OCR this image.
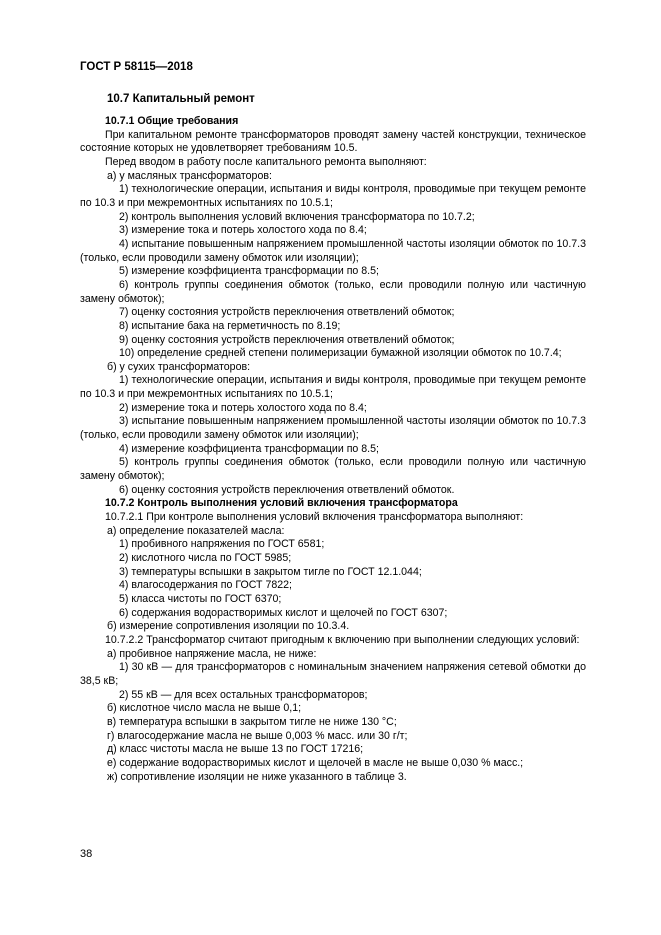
ГОСТ Р 58115—2018
10.7 Капитальный ремонт

10.7.1 Общие требования

При капитальном ремонте трансформаторов проводят замену частей конструкции, техническое состояние которых не удовлетворяет требованиям 10.5.

Перед вводом в работу после капитального ремонта выполняют:

а) у масляных трансформаторов:

1) технологические операции, испытания и виды контроля, проводимые при текущем ремонте по 10.3 и при межремонтных испытаниях по 10.5.1;

2) контроль выполнения условий включения трансформатора по 10.7.2;

3) измерение тока и потерь холостого хода по 8.4;

4) испытание повышенным напряжением промышленной частоты изоляции обмоток по 10.7.3 (только, если проводили замену обмоток или изоляции);

5) измерение коэффициента трансформации по 8.5;

6) контроль группы соединения обмоток (только, если проводили полную или частичную замену обмоток);

7) оценку состояния устройств переключения ответвлений обмоток;

8) испытание бака на герметичность по 8.19;

9) оценку состояния устройств переключения ответвлений обмоток;

10) определение средней степени полимеризации бумажной изоляции обмоток по 10.7.4;

б) у сухих трансформаторов:

1) технологические операции, испытания и виды контроля, проводимые при текущем ремонте по 10.3 и при межремонтных испытаниях по 10.5.1;

2) измерение тока и потерь холостого хода по 8.4;

3) испытание повышенным напряжением промышленной частоты изоляции обмоток по 10.7.3 (только, если проводили замену обмоток или изоляции);

4) измерение коэффициента трансформации по 8.5;

5) контроль группы соединения обмоток (только, если проводили полную или частичную замену обмоток);

6) оценку состояния устройств переключения ответвлений обмоток.

10.7.2 Контроль выполнения условий включения трансформатора

10.7.2.1 При контроле выполнения условий включения трансформатора выполняют:

а) определение показателей масла:

1) пробивного напряжения по ГОСТ 6581;

2) кислотного числа по ГОСТ 5985;

3) температуры вспышки в закрытом тигле по ГОСТ 12.1.044;

4) влагосодержания по ГОСТ 7822;

5) класса чистоты по ГОСТ 6370;

6) содержания водорастворимых кислот и щелочей по ГОСТ 6307;

б) измерение сопротивления изоляции по 10.3.4.

10.7.2.2 Трансформатор считают пригодным к включению при выполнении следующих условий:

а) пробивное напряжение масла, не ниже:

1) 30 кВ — для трансформаторов с номинальным значением напряжения сетевой обмотки до 38,5 кВ;

2) 55 кВ — для всех остальных трансформаторов;

б) кислотное число масла не выше 0,1;

в) температура вспышки в закрытом тигле не ниже 130 °С;

г) влагосодержание масла не выше 0,003 % масс. или 30 г/т;

д) класс чистоты масла не выше 13 по ГОСТ 17216;

е) содержание водорастворимых кислот и щелочей в масле не выше 0,030 % масс.;

ж) сопротивление изоляции не ниже указанного в таблице 3.

38
